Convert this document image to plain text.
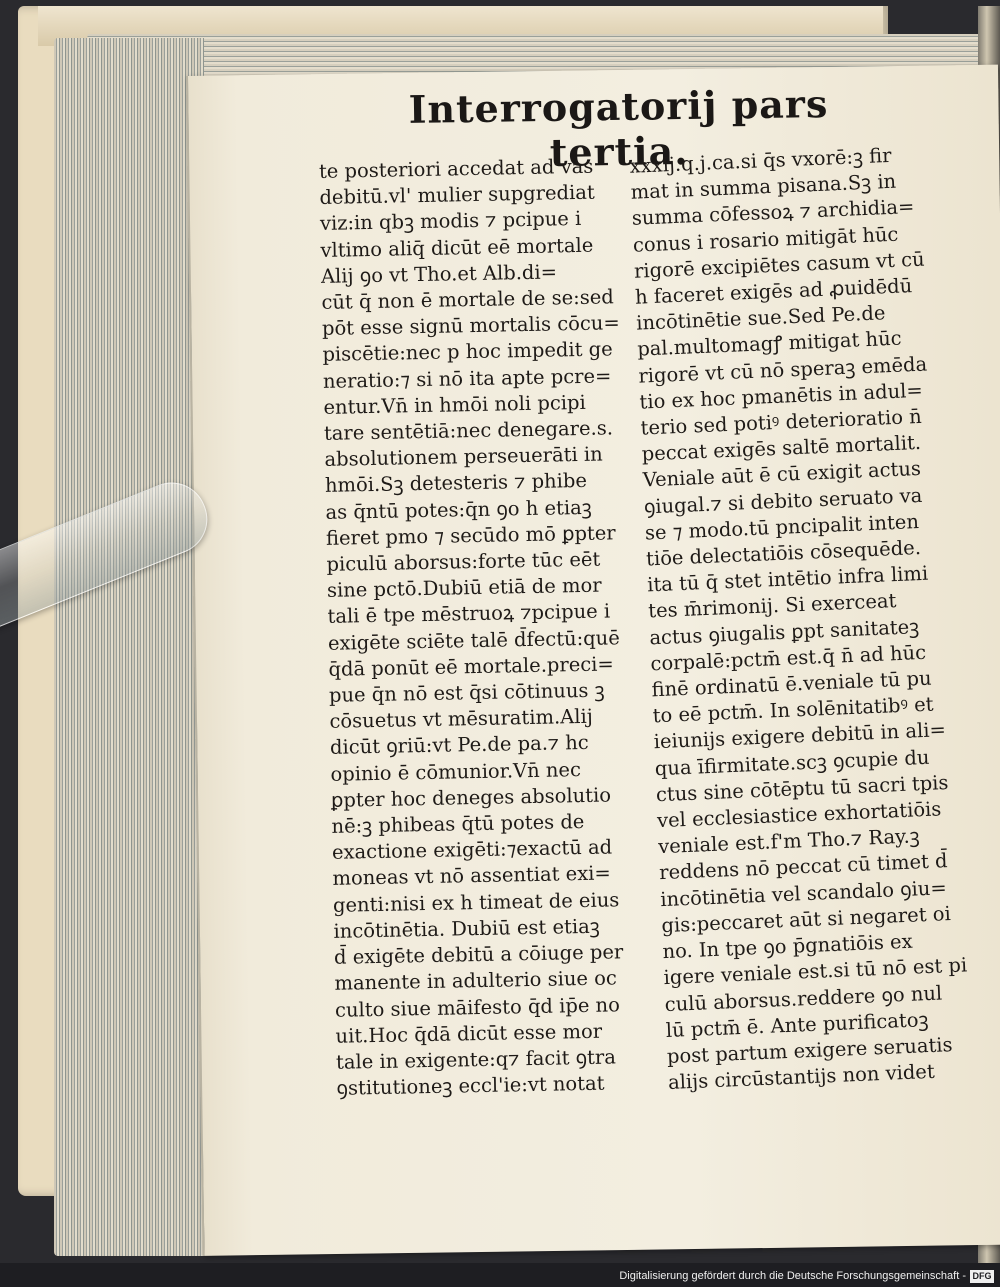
Interrogatorij pars tertia.
te posteriori accedat ad vas
debitū.vl' mulier supgrediat
viz:in qbꝫ modis ⁊ pcipue i
vltimo aliq̄ dicūt eē mortale
Alij ꝯo vt Tho.et Alb.di=
cūt q̄ non ē mortale de se:sed
pōt esse signū mortalis cōcu=
piscētie:nec p hoc impedit ge
neratio:⁊ si nō ita apte pcre=
entur.Vn̄ in hmōi noli pcipi
tare sentētiā:nec denegare.s.
absolutionem perseuerāti in
hmōi.Sꝫ detesteris ⁊ phibe
as q̄ntū potes:q̄n ꝯo h etiaꝫ
fieret pmo ⁊ secūdo mō ꝑpter
piculū aborsus:forte tūc eēt
sine pctō.Dubiū etiā de mor
tali ē tpe mēstruoꝝ ⁊pcipue i
exigēte sciēte talē d̄fectū:quē
q̄dā ponūt eē mortale.preci=
pue q̄n nō est q̄si cōtinuus ꝫ
cōsuetus vt mēsuratim.Alij
dicūt ꝯriū:vt Pe.de pa.⁊ hc
opinio ē cōmunior.Vn̄ nec
ꝑpter hoc deneges absolutio
nē:ꝫ phibeas q̄tū potes de
exactione exigēti:⁊exactū ad
moneas vt nō assentiat exi=
genti:nisi ex h timeat de eius
incōtinētia. Dubiū est etiaꝫ
d̄ exigēte debitū a cōiuge per
manente in adulterio siue oc
culto siue māifesto q̄d ip̄e no
uit.Hoc q̄dā dicūt esse mor
tale in exigente:q⁊ facit ꝯtra
ꝯstitutioneꝫ eccl'ie:vt notat
xxxij.q.j.ca.si q̄s vxorē:ꝫ fir
mat in summa pisana.Sꝫ in
summa cōfessoꝝ ⁊ archidia=
conus i rosario mitigāt hūc
rigorē excipiētes casum vt cū
h faceret exigēs ad ꝓuidēdū
incōtinētie sue.Sed Pe.de
pal.multomagꝭ mitigat hūc
rigorē vt cū nō speraꝫ emēda
tio ex hoc pmanētis in adul=
terio sed potiꝰ deterioratio n̄
peccat exigēs saltē mortalit.
Veniale aūt ē cū exigit actus
ꝯiugal.⁊ si debito seruato va
se ⁊ modo.tū pncipalit inten
tiōe delectatiōis cōsequēde.
ita tū q̄ stet intētio infra limi
tes m̄rimonij. Si exerceat
actus ꝯiugalis ꝑpt sanitateꝫ
corpalē:pctm̄ est.q̄ n̄ ad hūc
finē ordinatū ē.veniale tū pu
to eē pctm̄. In solēnitatibꝰ et
ieiunijs exigere debitū in ali=
qua īfirmitate.scꝫ ꝯcupie du
ctus sine cōtēptu tū sacri tpis
vel ecclesiastice exhortatiōis
veniale est.f'm Tho.⁊ Ray.ꝫ
reddens nō peccat cū timet d̄
incōtinētia vel scandalo ꝯiu=
gis:peccaret aūt si negaret oi
no. In tpe ꝯo p̄gnatiōis ex
igere veniale est.si tū nō est pi
culū aborsus.reddere ꝯo nul
lū pctm̄ ē. Ante purificatoꝫ
post partum exigere seruatis
alijs circūstantijs non videt
Digitalisierung gefördert durch die Deutsche Forschungsgemeinschaft - DFG
